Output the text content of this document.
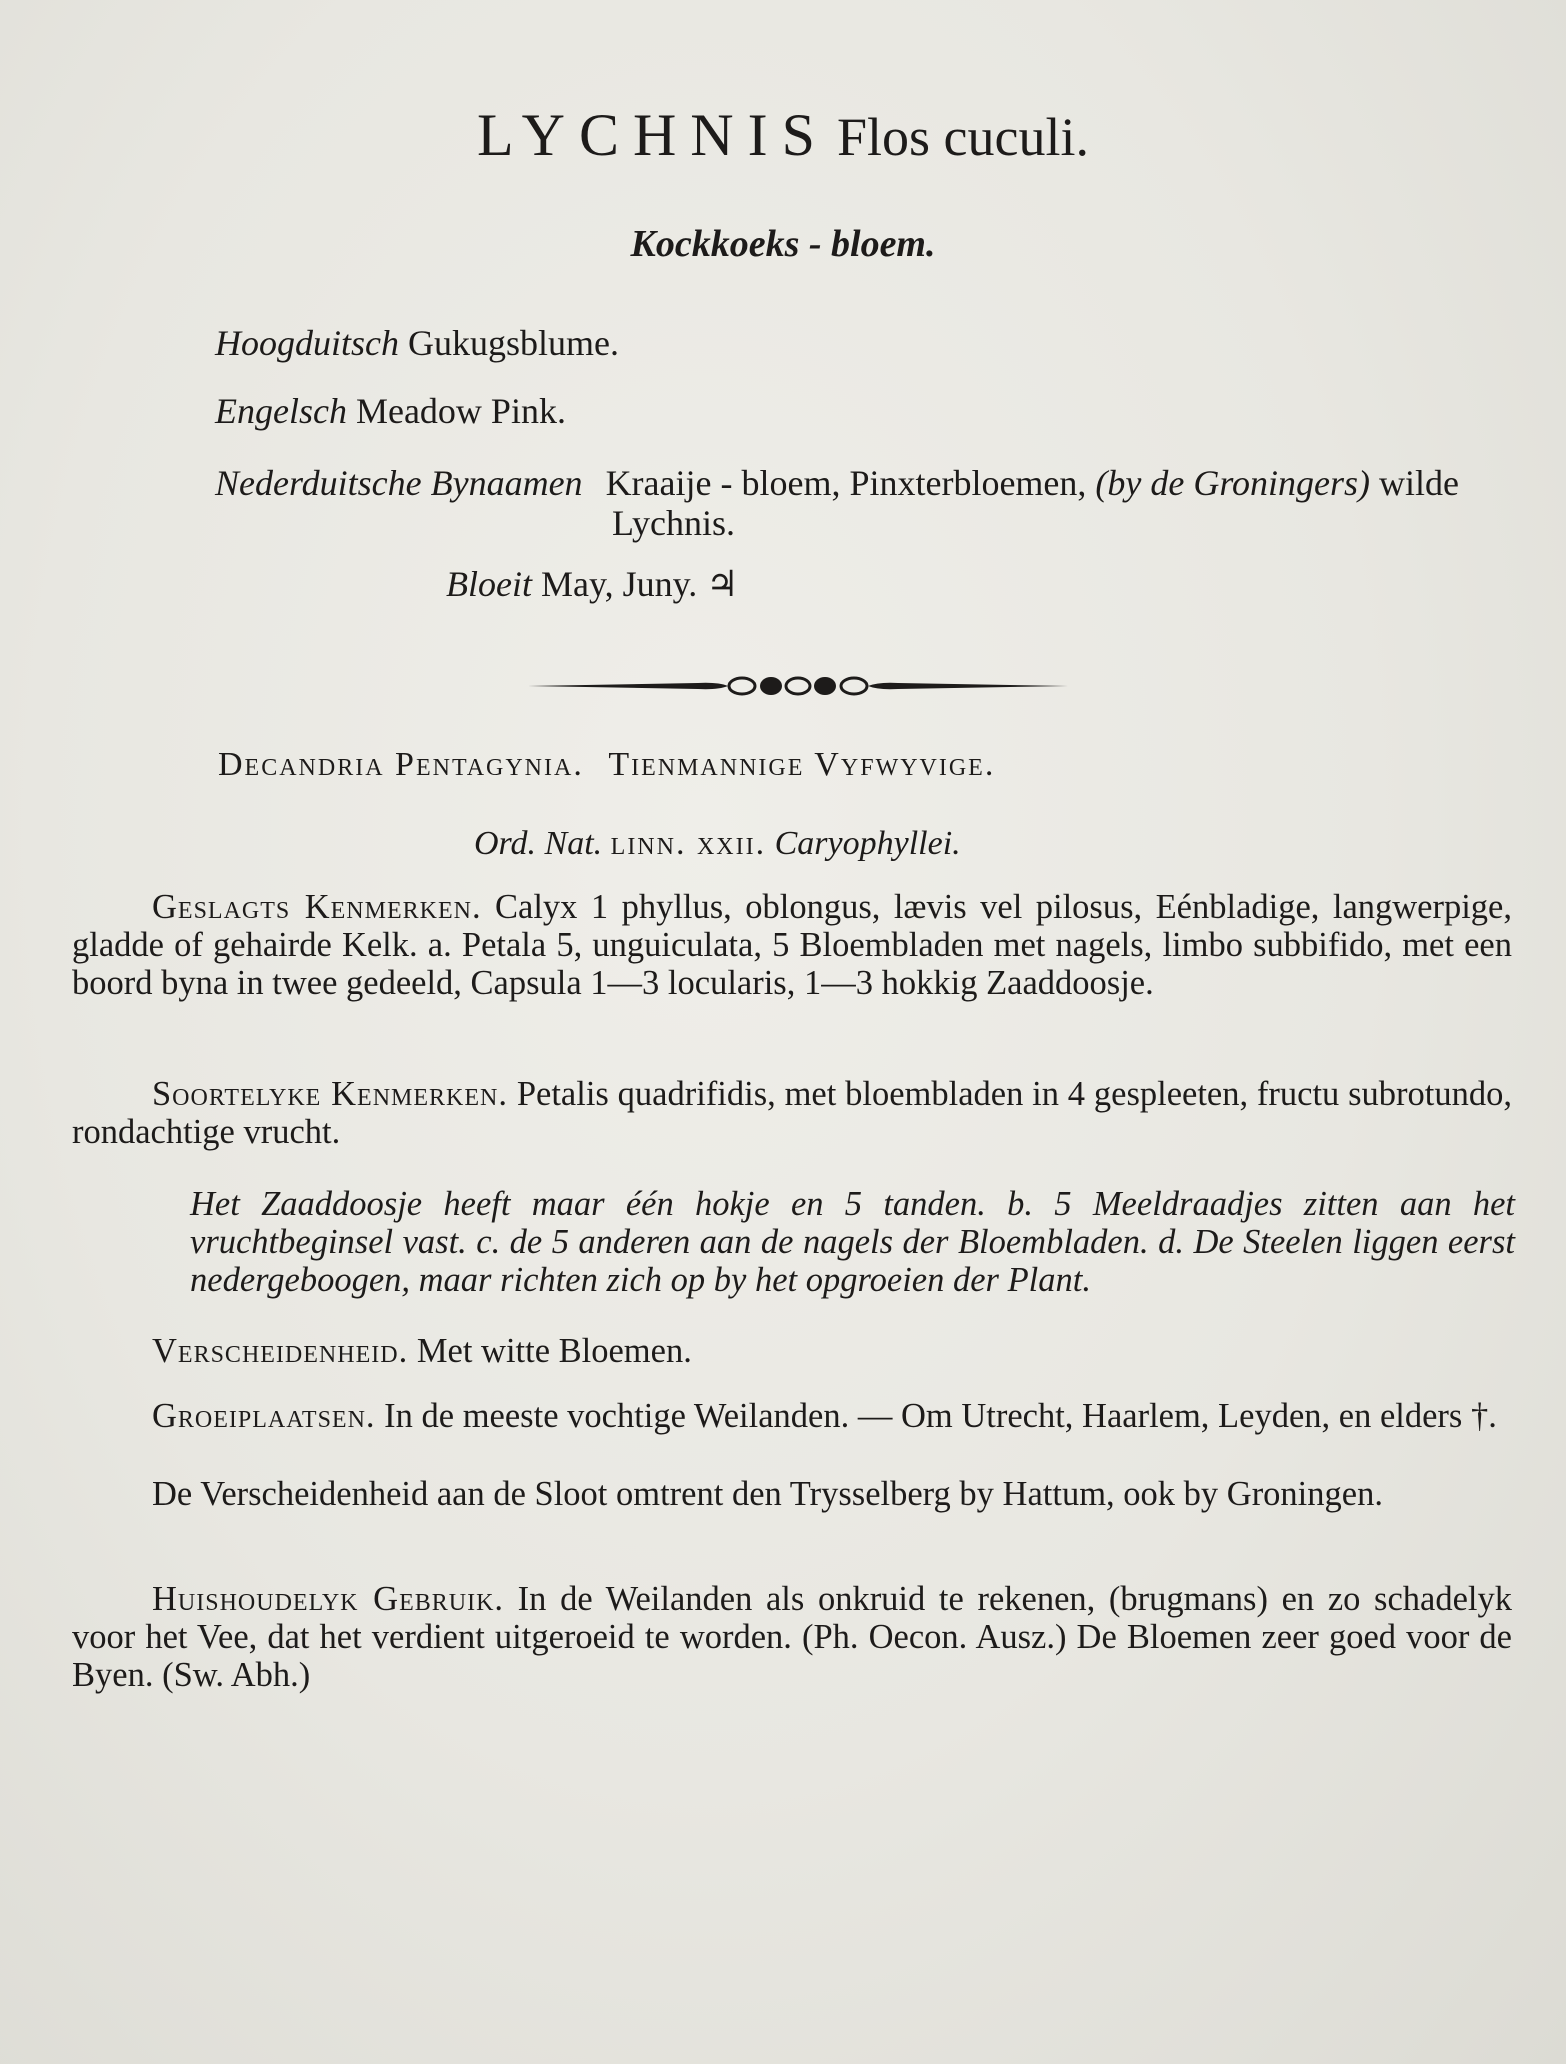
LYCHNIS Flos cuculi.
Kockkoeks - bloem.
Hoogduitsch Gukugsblume.
Engelsch Meadow Pink.
Nederduitsche Bynaamen Kraaije - bloem, Pinxterbloemen, (by de Groningers) wilde
Lychnis.
Bloeit May, Juny. ♃
Decandria Pentagynia. Tienmannige Vyfwyvige.
Ord. Nat. linn. xxii. Caryophyllei.
Geslagts Kenmerken. Calyx 1 phyllus, oblongus, lævis vel pilosus, Eénbladige, langwerpige, gladde of gehairde Kelk. a. Petala 5, unguiculata, 5 Bloembladen met nagels, limbo subbifido, met een boord byna in twee gedeeld, Capsula 1—3 locularis, 1—3 hokkig Zaaddoosje.
Soortelyke Kenmerken. Petalis quadrifidis, met bloembladen in 4 gespleeten, fructu subrotundo, rondachtige vrucht.
Het Zaaddoosje heeft maar één hokje en 5 tanden. b. 5 Meeldraadjes zitten aan het vruchtbeginsel vast. c. de 5 anderen aan de nagels der Bloembladen. d. De Steelen liggen eerst nedergeboogen, maar richten zich op by het opgroeien der Plant.
Verscheidenheid. Met witte Bloemen.
Groeiplaatsen. In de meeste vochtige Weilanden. — Om Utrecht, Haarlem, Leyden, en elders †.
De Verscheidenheid aan de Sloot omtrent den Trysselberg by Hattum, ook by Groningen.
Huishoudelyk Gebruik. In de Weilanden als onkruid te rekenen, (brugmans) en zo schadelyk voor het Vee, dat het verdient uitgeroeid te worden. (Ph. Oecon. Ausz.) De Bloemen zeer goed voor de Byen. (Sw. Abh.)
